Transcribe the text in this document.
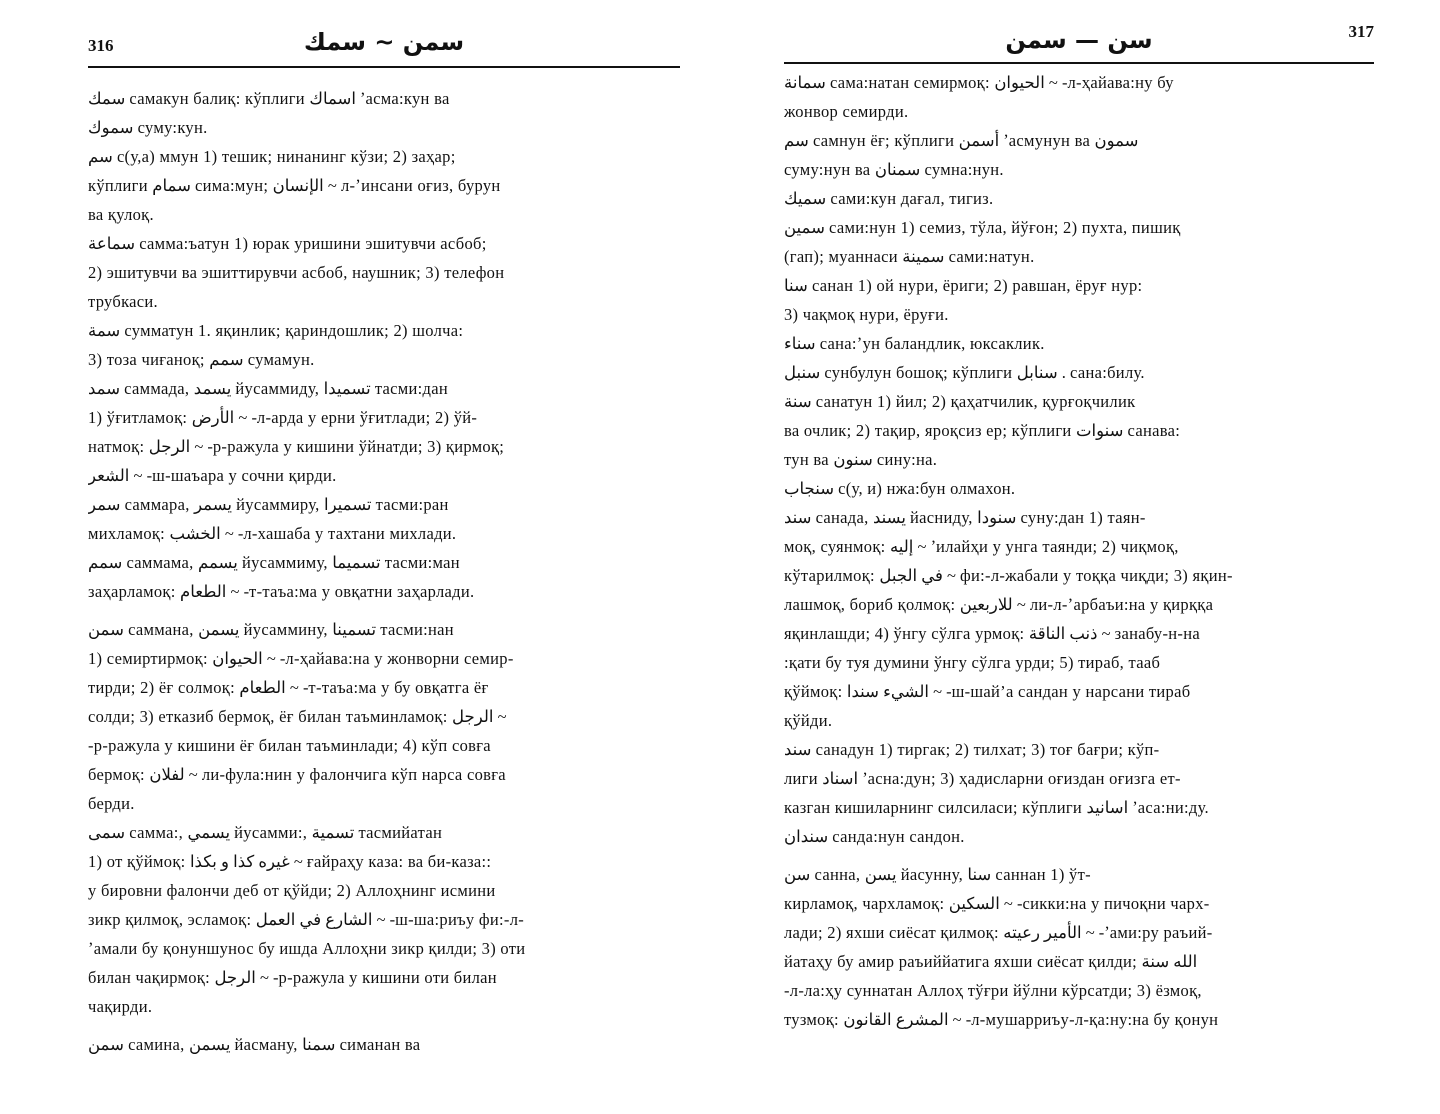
316	سمن ~ سمك
سمك самакун балиқ: кўплиги اسماك ʼасма:кун ва
سموك суму:кун.
سم с(у,а) ммун 1) тешик; нинанинг кўзи; 2) заҳар;
кўплиги سمام сима:мун; الإنسان ~ л-ʼинсани оғиз, бурун
ва қулоқ.
سماعة самма:ъатун 1) юрак уришини эшитувчи асбоб;
2) эшитувчи ва эшиттирувчи асбоб, наушник; 3) телефон
трубкаси.
سمة сумматун 1. яқинлик; қариндошлик; 2) шолча:
3) тоза чиғаноқ; سمم сумамун.
سمد саммада, يسمد йусаммиду, تسميدا тасми:дан
1) ўғитламоқ: الأرض ~ -л-арда у ерни ўғитлади; 2) ўй-
натмоқ: الرجل ~ -р-ражула у кишини ўйнатди; 3) қирмоқ;
الشعر ~ -ш-шаъара у сочни қирди.
سمر саммара, يسمر йусаммиру, تسميرا тасми:ран
михламоқ: الخشب ~ -л-хашаба у тахтани михлади.
سمم саммама, يسمم йусаммиму, تسميما тасми:ман
заҳарламоқ: الطعام ~ -т-таъа:ма у овқатни заҳарлади.
سمن саммана, يسمن йусаммину, تسمينا тасми:нан
1) семиртирмоқ: الحيوان ~ -л-ҳайава:на у жонворни семир-
тирди; 2) ёғ солмоқ: الطعام ~ -т-таъа:ма у бу овқатга ёғ
солди; 3) етказиб бермоқ, ёғ билан таъминламоқ: الرجل ~
-р-ражула у кишини ёғ билан таъминлади; 4) кўп совға
бермоқ: لفلان ~ ли-фула:нин у фалончига кўп нарса совға
берди.
سمى самма:, يسمي йусамми:, تسمية тасмийатан
1) от қўймоқ: غيره كذا و بكذا ~ ғайраҳу каза: ва би-каза::
у бировни фалончи деб от қўйди; 2) Аллоҳнинг исмини
зикр қилмоқ, эсламоқ: الشارع في العمل ~ -ш-ша:риъу фи:-л-
ʼамали бу қонуншунос бу ишда Аллоҳни зикр қилди; 3) оти
билан чақирмоқ: الرجل ~ -р-ражула у кишини оти билан
чақирди.
سمن самина, يسمن йасману, سمنا симанан ва
317
سن — سمن
سمانة сама:натан семирмоқ: الحيوان ~ -л-ҳайава:ну бу
жонвор семирди.
سم самнун ёғ; кўплиги أسمن ʼасмунун ва سمون
суму:нун ва سمنان сумна:нун.
سميك сами:кун дағал, тигиз.
سمين сами:нун 1) семиз, тўла, йўғон; 2) пухта, пишиқ
(гап); муаннаси سمينة сами:натун.
سنا санан 1) ой нури, ёриги; 2) равшан, ёруғ нур:
3) чақмоқ нури, ёруғи.
سناء сана:ʼун баландлик, юксаклик.
سنبل сунбулун бошоқ; кўплиги سنابل . сана:билу.
سنة санатун 1) йил; 2) қаҳатчилик, қурғоқчилик
ва очлик; 2) тақир, яроқсиз ер; кўплиги سنوات санава:
тун ва سنون сину:на.
سنجاب с(у, и) нжа:бун олмахон.
سند санада, يسند йасниду, سنودا суну:дан 1) таян-
моқ, суянмоқ: إليه ~ ʼилайҳи у унга таянди; 2) чиқмоқ,
кўтарилмоқ: في الجبل ~ фи:-л-жабали у тоққа чиқди; 3) яқин-
лашмоқ, бориб қолмоқ: للاربعين ~ ли-л-ʼарбаъи:на у қирққа
яқинлашди; 4) ўнгу сўлга урмоқ: ذنب الناقة ~ занабу-н-на
:қати бу туя думини ўнгу сўлга урди; 5) тираб, тааб
қўймоқ: الشيء سندا ~ -ш-шай’а сандан у нарсани тираб
қўйди.
سند санадун 1) тиргак; 2) тилхат; 3) тоғ бағри; кўп-
лиги اسناد ʼасна:дун; 3) ҳадисларни оғиздан оғизга ет-
казган кишиларнинг силсиласи; кўплиги اسانيد ʼаса:ни:ду.
سندان санда:нун сандон.
سن санна, يسن йасунну, سنا саннан 1) ўт-
кирламоқ, чархламоқ: السكين ~ -сикки:на у пичоқни чарх-
лади; 2) яхши сиёсат қилмоқ: الأمير رعيته ~ -ʼами:ру раъий-
йатаҳу бу амир раъиййатига яхши сиёсат қилди; الله سنة
-л-ла:ҳу суннатан Аллоҳ тўғри йўлни кўрсатди; 3) ёзмоқ,
тузмоқ: المشرع القانون ~ -л-мушарриъу-л-қа:ну:на бу қонун
